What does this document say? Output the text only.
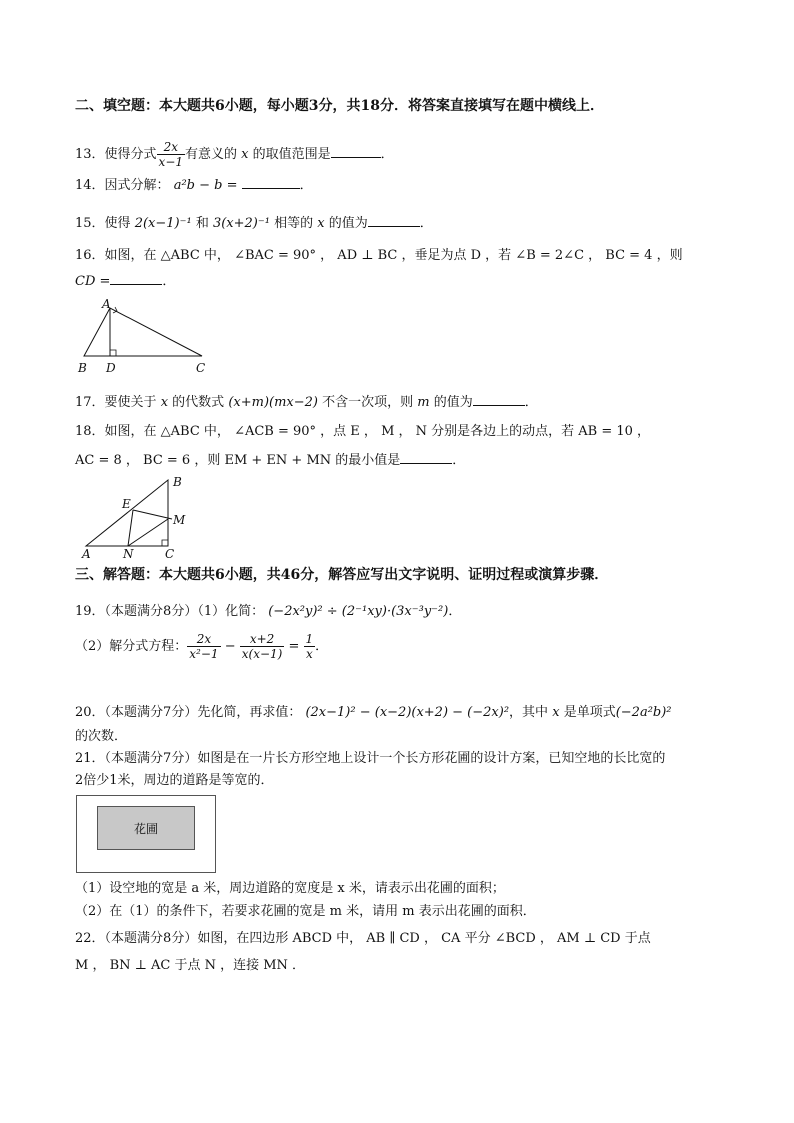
二、填空题：本大题共6小题，每小题3分，共18分．将答案直接填写在题中横线上．
13．使得分式 $\frac{2x}{x-1}$ 有意义的 x 的取值范围是	．
14．因式分解： a²b − b =	．
15．使得 2(x−1)⁻¹ 和 3(x+2)⁻¹ 相等的 x 的值为	．
16．如图，在 △ABC 中， ∠BAC = 90° ， AD ⊥ BC ，垂足为点 D ，若 ∠B = 2∠C ， BC = 4 ，则
CD =	．
A
B D	C
17．要使关于 x 的代数式 (x+m)(mx−2) 不含一次项，则 m 的值为	．
18．如图，在 △ABC 中， ∠ACB = 90° ，点 E ， M ， N 分别是各边上的动点，若 AB = 10 ，
AC = 8 ， BC = 6 ，则 EM + EN + MN 的最小值是	．
B
E
M
A	N	C
三、解答题：本大题共6小题，共46分，解答应写出文字说明、证明过程或演算步骤．
19．（本题满分8分）（1）化简： (−2x²y)² ÷ (2⁻¹xy)·(3x⁻³y⁻²)．
（2）解分式方程： $\frac{2x}{\text{x²−1}} - \frac{x+2}{x(x-1)} = \frac{1}{x}$ ．
20．（本题满分7分）先化简，再求值： (2x−1)² − (x−2)(x+2) − (−2x)²，其中 x 是单项式(−2a²b)²
的次数．
21．（本题满分7分）如图是在一片长方形空地上设计一个长方形花圃的设计方案，已知空地的长比宽的
2倍少1米，周边的道路是等宽的．
花圃
（1）设空地的宽是 a 米，周边道路的宽度是 x 米，请表示出花圃的面积；
（2）在（1）的条件下，若要求花圃的宽是 m 米，请用 m 表示出花圃的面积．
22．（本题满分8分）如图，在四边形 ABCD 中， AB ∥ CD ， CA 平分 ∠BCD ， AM ⊥ CD 于点
M ， BN ⊥ AC 于点 N ，连接 MN ．
